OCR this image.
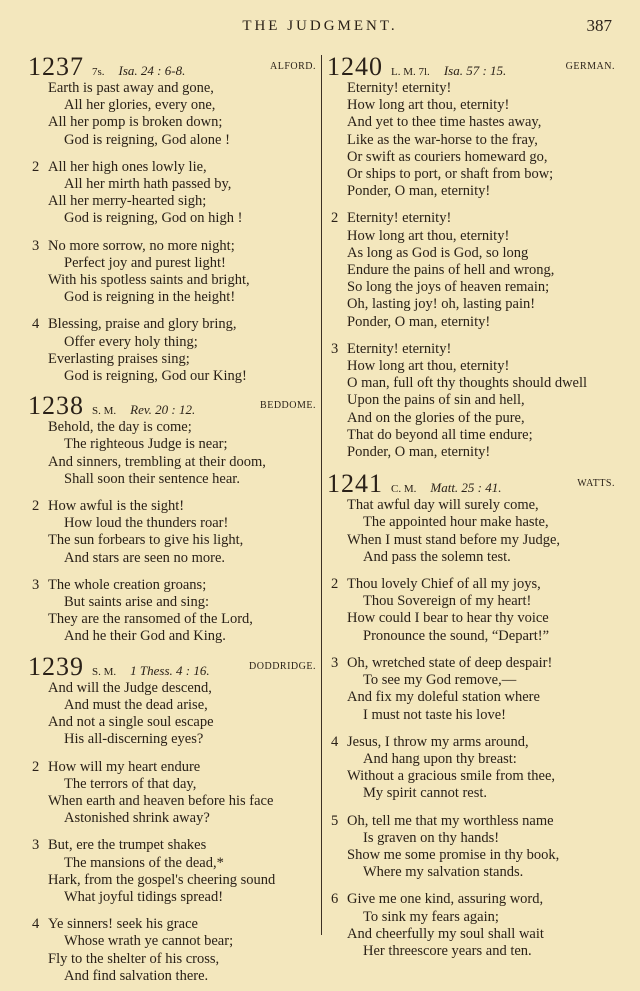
THE JUDGMENT.	387
1237 7s. Isa. 24 : 6-8.	ALFORD.
Earth is past away and gone,
All her glories, every one,
All her pomp is broken down;
God is reigning, God alone !
2 All her high ones lowly lie,
All her mirth hath passed by,
All her merry-hearted sigh;
God is reigning, God on high !
3 No more sorrow, no more night;
Perfect joy and purest light!
With his spotless saints and bright,
God is reigning in the height!
4 Blessing, praise and glory bring,
Offer every holy thing;
Everlasting praises sing;
God is reigning, God our King!
1238 S. M. Rev. 20 : 12.	BEDDOME.
Behold, the day is come;
The righteous Judge is near;
And sinners, trembling at their doom,
Shall soon their sentence hear.
2 How awful is the sight!
How loud the thunders roar!
The sun forbears to give his light,
And stars are seen no more.
3 The whole creation groans;
But saints arise and sing:
They are the ransomed of the Lord,
And he their God and King.
1239 S. M. 1 Thess. 4 : 16.	DODDRIDGE.
And will the Judge descend,
And must the dead arise,
And not a single soul escape
His all-discerning eyes?
2 How will my heart endure
The terrors of that day,
When earth and heaven before his face
Astonished shrink away?
3 But, ere the trumpet shakes
The mansions of the dead,*
Hark, from the gospel's cheering sound
What joyful tidings spread!
4 Ye sinners! seek his grace
Whose wrath ye cannot bear;
Fly to the shelter of his cross,
And find salvation there.
1240 L. M. 7l. Isa. 57 : 15.	GERMAN.
Eternity! eternity!
How long art thou, eternity!
And yet to thee time hastes away,
Like as the war-horse to the fray,
Or swift as couriers homeward go,
Or ships to port, or shaft from bow;
Ponder, O man, eternity!
2 Eternity! eternity!
How long art thou, eternity!
As long as God is God, so long
Endure the pains of hell and wrong,
So long the joys of heaven remain;
Oh, lasting joy! oh, lasting pain!
Ponder, O man, eternity!
3 Eternity! eternity!
How long art thou, eternity!
O man, full oft thy thoughts should dwell
Upon the pains of sin and hell,
And on the glories of the pure,
That do beyond all time endure;
Ponder, O man, eternity!
1241 C. M. Matt. 25 : 41.	WATTS.
That awful day will surely come,
The appointed hour make haste,
When I must stand before my Judge,
And pass the solemn test.
2 Thou lovely Chief of all my joys,
Thou Sovereign of my heart!
How could I bear to hear thy voice
Pronounce the sound, “Depart!”
3 Oh, wretched state of deep despair!
To see my God remove,—
And fix my doleful station where
I must not taste his love!
4 Jesus, I throw my arms around,
And hang upon thy breast:
Without a gracious smile from thee,
My spirit cannot rest.
5 Oh, tell me that my worthless name
Is graven on thy hands!
Show me some promise in thy book,
Where my salvation stands.
6 Give me one kind, assuring word,
To sink my fears again;
And cheerfully my soul shall wait
Her threescore years and ten.
